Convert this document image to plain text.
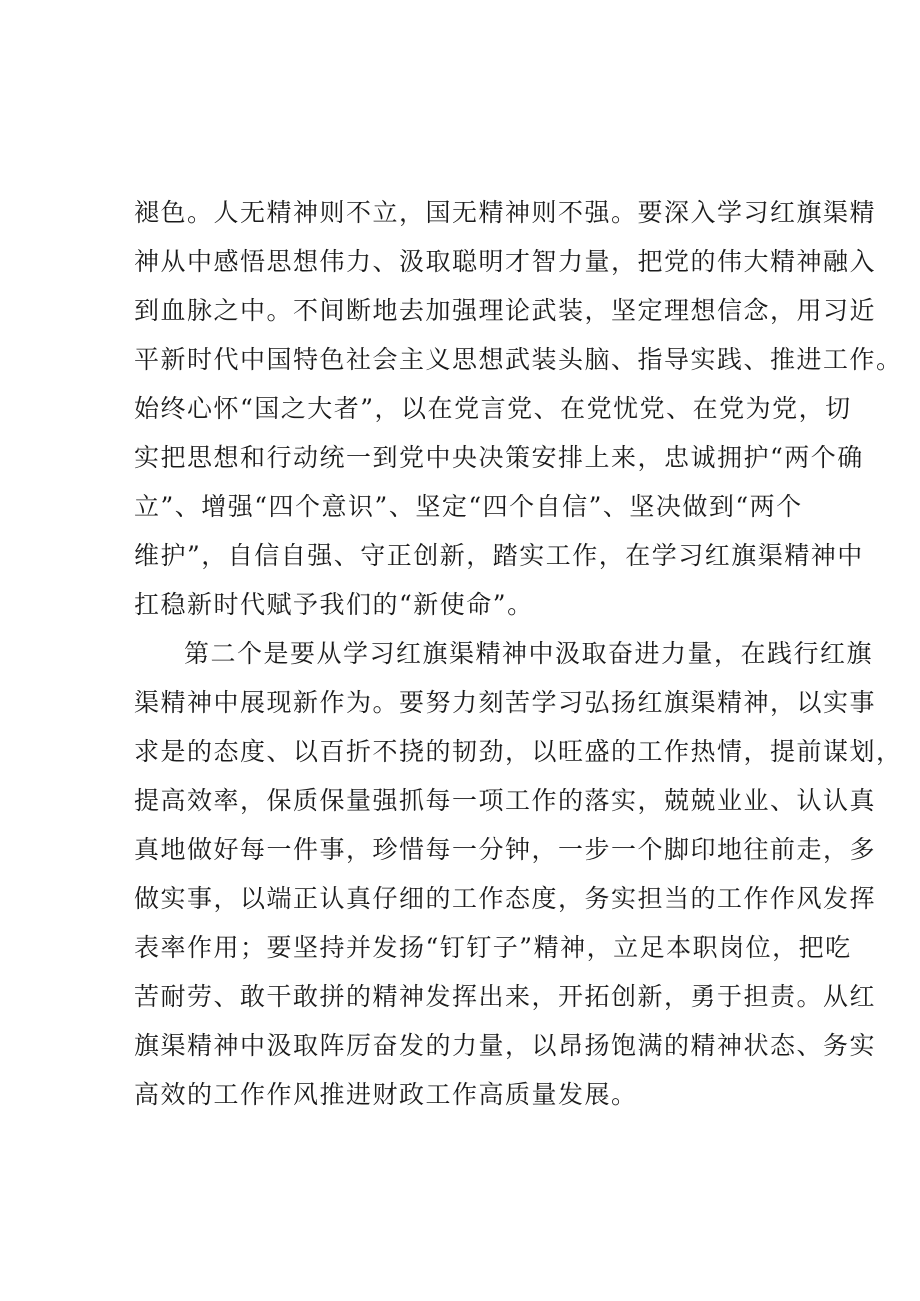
褪色。人无精神则不立，国无精神则不强。要深入学习红旗渠精
神从中感悟思想伟力、汲取聪明才智力量，把党的伟大精神融入
到血脉之中。不间断地去加强理论武装，坚定理想信念，用习近
平新时代中国特色社会主义思想武装头脑、指导实践、推进工作。
始终心怀“国之大者”，以在党言党、在党忧党、在党为党，切
实把思想和行动统一到党中央决策安排上来，忠诚拥护“两个确
立”、增强“四个意识”、坚定“四个自信”、坚决做到“两个
维护”，自信自强、守正创新，踏实工作，在学习红旗渠精神中
扛稳新时代赋予我们的“新使命”。
第二个是要从学习红旗渠精神中汲取奋进力量，在践行红旗
渠精神中展现新作为。要努力刻苦学习弘扬红旗渠精神，以实事
求是的态度、以百折不挠的韧劲，以旺盛的工作热情，提前谋划，
提高效率，保质保量强抓每一项工作的落实，兢兢业业、认认真
真地做好每一件事，珍惜每一分钟，一步一个脚印地往前走，多
做实事，以端正认真仔细的工作态度，务实担当的工作作风发挥
表率作用；要坚持并发扬“钉钉子”精神，立足本职岗位，把吃
苦耐劳、敢干敢拼的精神发挥出来，开拓创新，勇于担责。从红
旗渠精神中汲取阵厉奋发的力量，以昂扬饱满的精神状态、务实
高效的工作作风推进财政工作高质量发展。
